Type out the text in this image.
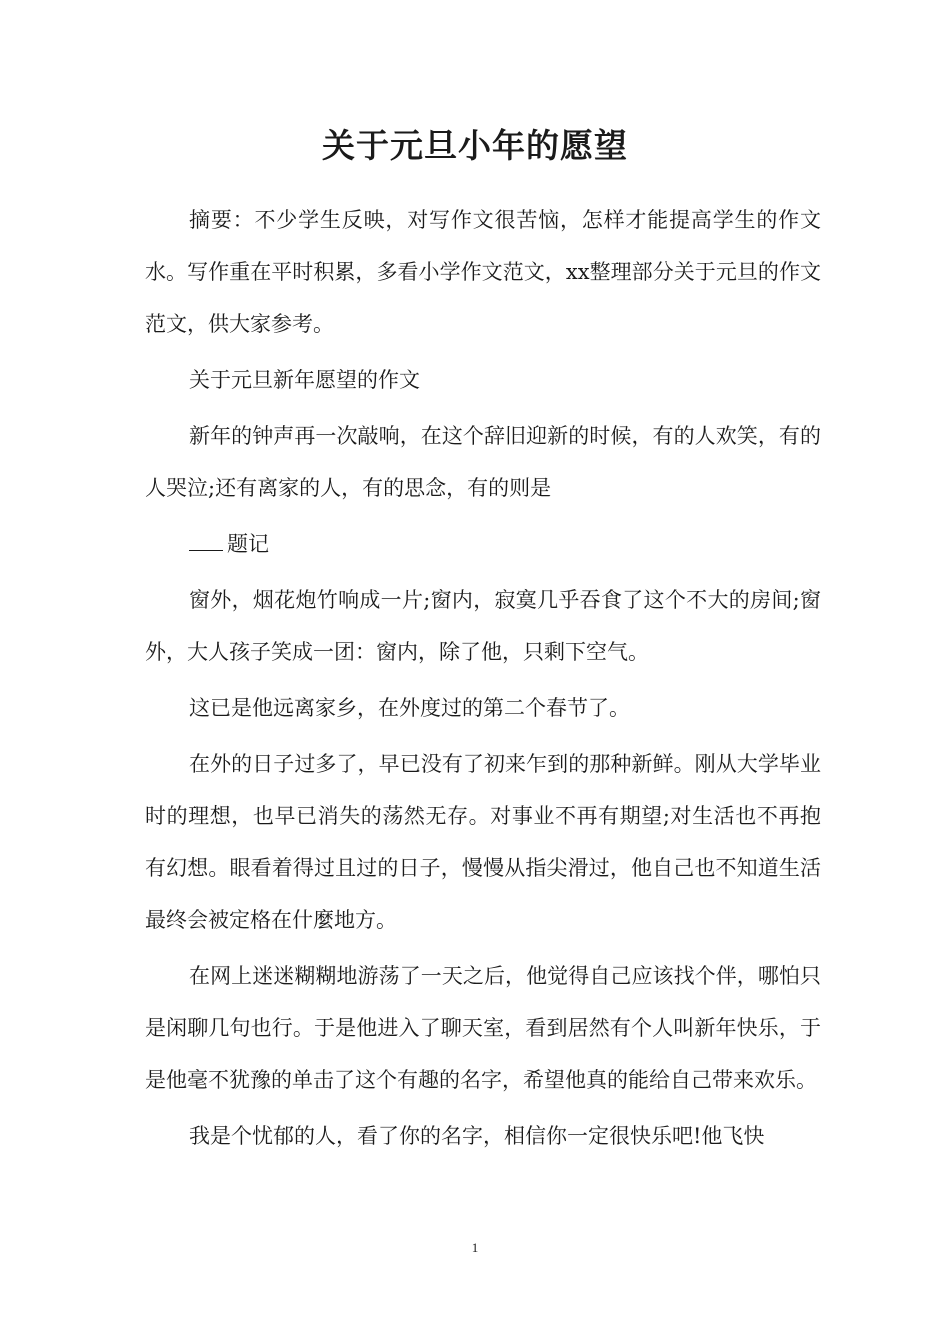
关于元旦小年的愿望

摘要：不少学生反映，对写作文很苦恼，怎样才能提高学生的作文水。写作重在平时积累，多看小学作文范文，xx整理部分关于元旦的作文范文，供大家参考。

关于元旦新年愿望的作文

新年的钟声再一次敲响，在这个辞旧迎新的时候，有的人欢笑，有的人哭泣;还有离家的人，有的思念，有的则是

题记

窗外，烟花炮竹响成一片;窗内，寂寞几乎吞食了这个不大的房间;窗外，大人孩子笑成一团：窗内，除了他，只剩下空气。

这已是他远离家乡，在外度过的第二个春节了。

在外的日子过多了，早已没有了初来乍到的那种新鲜。刚从大学毕业时的理想，也早已消失的荡然无存。对事业不再有期望;对生活也不再抱有幻想。眼看着得过且过的日子，慢慢从指尖滑过，他自己也不知道生活最终会被定格在什麼地方。

在网上迷迷糊糊地游荡了一天之后，他觉得自己应该找个伴，哪怕只是闲聊几句也行。于是他进入了聊天室，看到居然有个人叫新年快乐，于是他毫不犹豫的单击了这个有趣的名字，希望他真的能给自己带来欢乐。

我是个忧郁的人，看了你的名字，相信你一定很快乐吧!他飞快

1
